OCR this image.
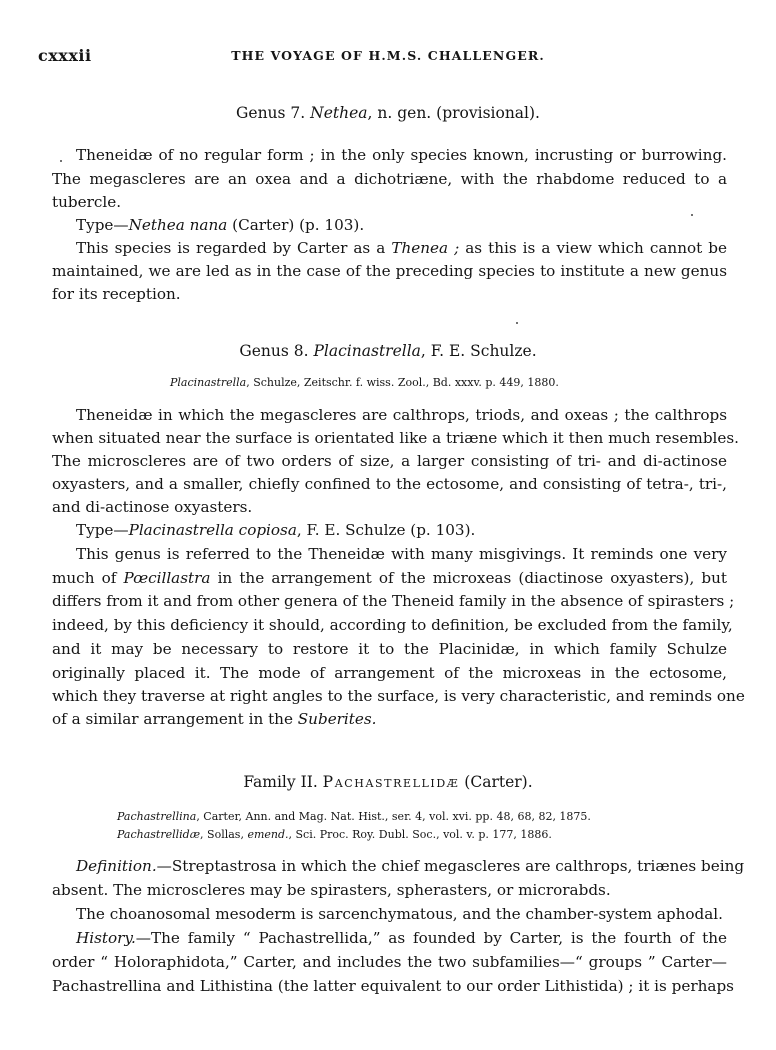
cxxxii	THE VOYAGE OF H.M.S. CHALLENGER.
Genus 7. Nethea, n. gen. (provisional).
Theneidæ of no regular form ; in the only species known, incrusting or burrowing.
The megascleres are an oxea and a dichotriæne, with the rhabdome reduced to a
tubercle.
Type—Nethea nana (Carter) (p. 103).
This species is regarded by Carter as a Thenea ; as this is a view which cannot be
maintained, we are led as in the case of the preceding species to institute a new genus
for its reception.
Genus 8. Placinastrella, F. E. Schulze.
Placinastrella, Schulze, Zeitschr. f. wiss. Zool., Bd. xxxv. p. 449, 1880.
Theneidæ in which the megascleres are calthrops, triods, and oxeas ; the calthrops
when situated near the surface is orientated like a triæne which it then much resembles.
The microscleres are of two orders of size, a larger consisting of tri- and di-actinose
oxyasters, and a smaller, chiefly confined to the ectosome, and consisting of tetra-, tri-,
and di-actinose oxyasters.
Type—Placinastrella copiosa, F. E. Schulze (p. 103).
This genus is referred to the Theneidæ with many misgivings. It reminds one very
much of Pœcillastra in the arrangement of the microxeas (diactinose oxyasters), but
differs from it and from other genera of the Theneid family in the absence of spirasters ;
indeed, by this deficiency it should, according to definition, be excluded from the family,
and it may be necessary to restore it to the Placinidæ, in which family Schulze
originally placed it. The mode of arrangement of the microxeas in the ectosome,
which they traverse at right angles to the surface, is very characteristic, and reminds one
of a similar arrangement in the Suberites.
Family II. Pachastrellidæ (Carter).
Pachastrellina, Carter, Ann. and Mag. Nat. Hist., ser. 4, vol. xvi. pp. 48, 68, 82, 1875.
Pachastrellidæ, Sollas, emend., Sci. Proc. Roy. Dubl. Soc., vol. v. p. 177, 1886.
Definition.—Streptastrosa in which the chief megascleres are calthrops, triænes being
absent. The microscleres may be spirasters, spherasters, or microrabds.
The choanosomal mesoderm is sarcenchymatous, and the chamber-system aphodal.
History.—The family “ Pachastrellida,” as founded by Carter, is the fourth of the
order “ Holoraphidota,” Carter, and includes the two subfamilies—“ groups ” Carter—
Pachastrellina and Lithistina (the latter equivalent to our order Lithistida) ; it is perhaps
